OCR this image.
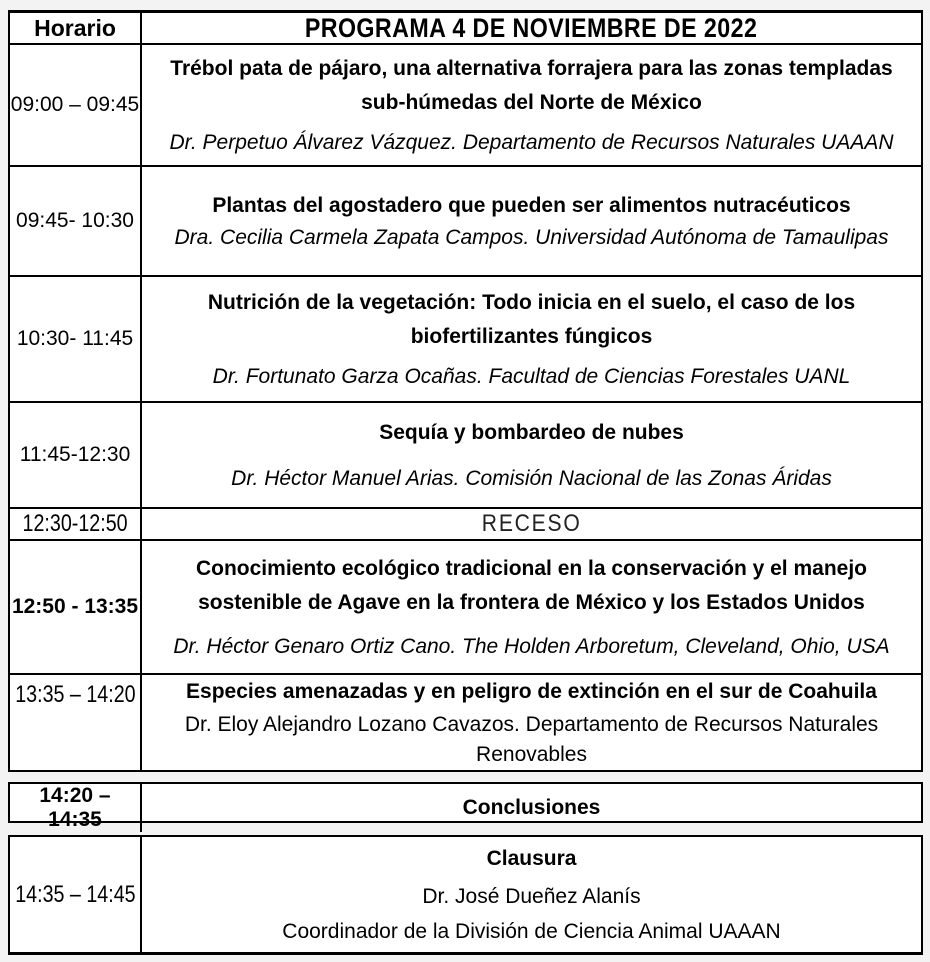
Horario	PROGRAMA 4 DE NOVIEMBRE DE 2022
09:00 – 09:45
Trébol pata de pájaro, una alternativa forrajera para las zonas templadas sub-húmedas del Norte de México
Dr. Perpetuo Álvarez Vázquez. Departamento de Recursos Naturales UAAAN
09:45- 10:30
Plantas del agostadero que pueden ser alimentos nutracéuticos
Dra. Cecilia Carmela Zapata Campos. Universidad Autónoma de Tamaulipas
10:30- 11:45
Nutrición de la vegetación: Todo inicia en el suelo, el caso de los biofertilizantes fúngicos
Dr. Fortunato Garza Ocañas. Facultad de Ciencias Forestales UANL
11:45-12:30
Sequía y bombardeo de nubes
Dr. Héctor Manuel Arias. Comisión Nacional de las Zonas Áridas
12:30-12:50	RECESO
12:50 - 13:35
Conocimiento ecológico tradicional en la conservación y el manejo sostenible de Agave en la frontera de México y los Estados Unidos
Dr. Héctor Genaro Ortiz Cano. The Holden Arboretum, Cleveland, Ohio, USA
13:35 – 14:20 Especies amenazadas y en peligro de extinción en el sur de Coahuila
Dr. Eloy Alejandro Lozano Cavazos. Departamento de Recursos Naturales Renovables
14:20 – 14:35
Conclusiones
14:35 – 14:45
Clausura
Dr. José Dueñez Alanís
Coordinador de la División de Ciencia Animal UAAAN
